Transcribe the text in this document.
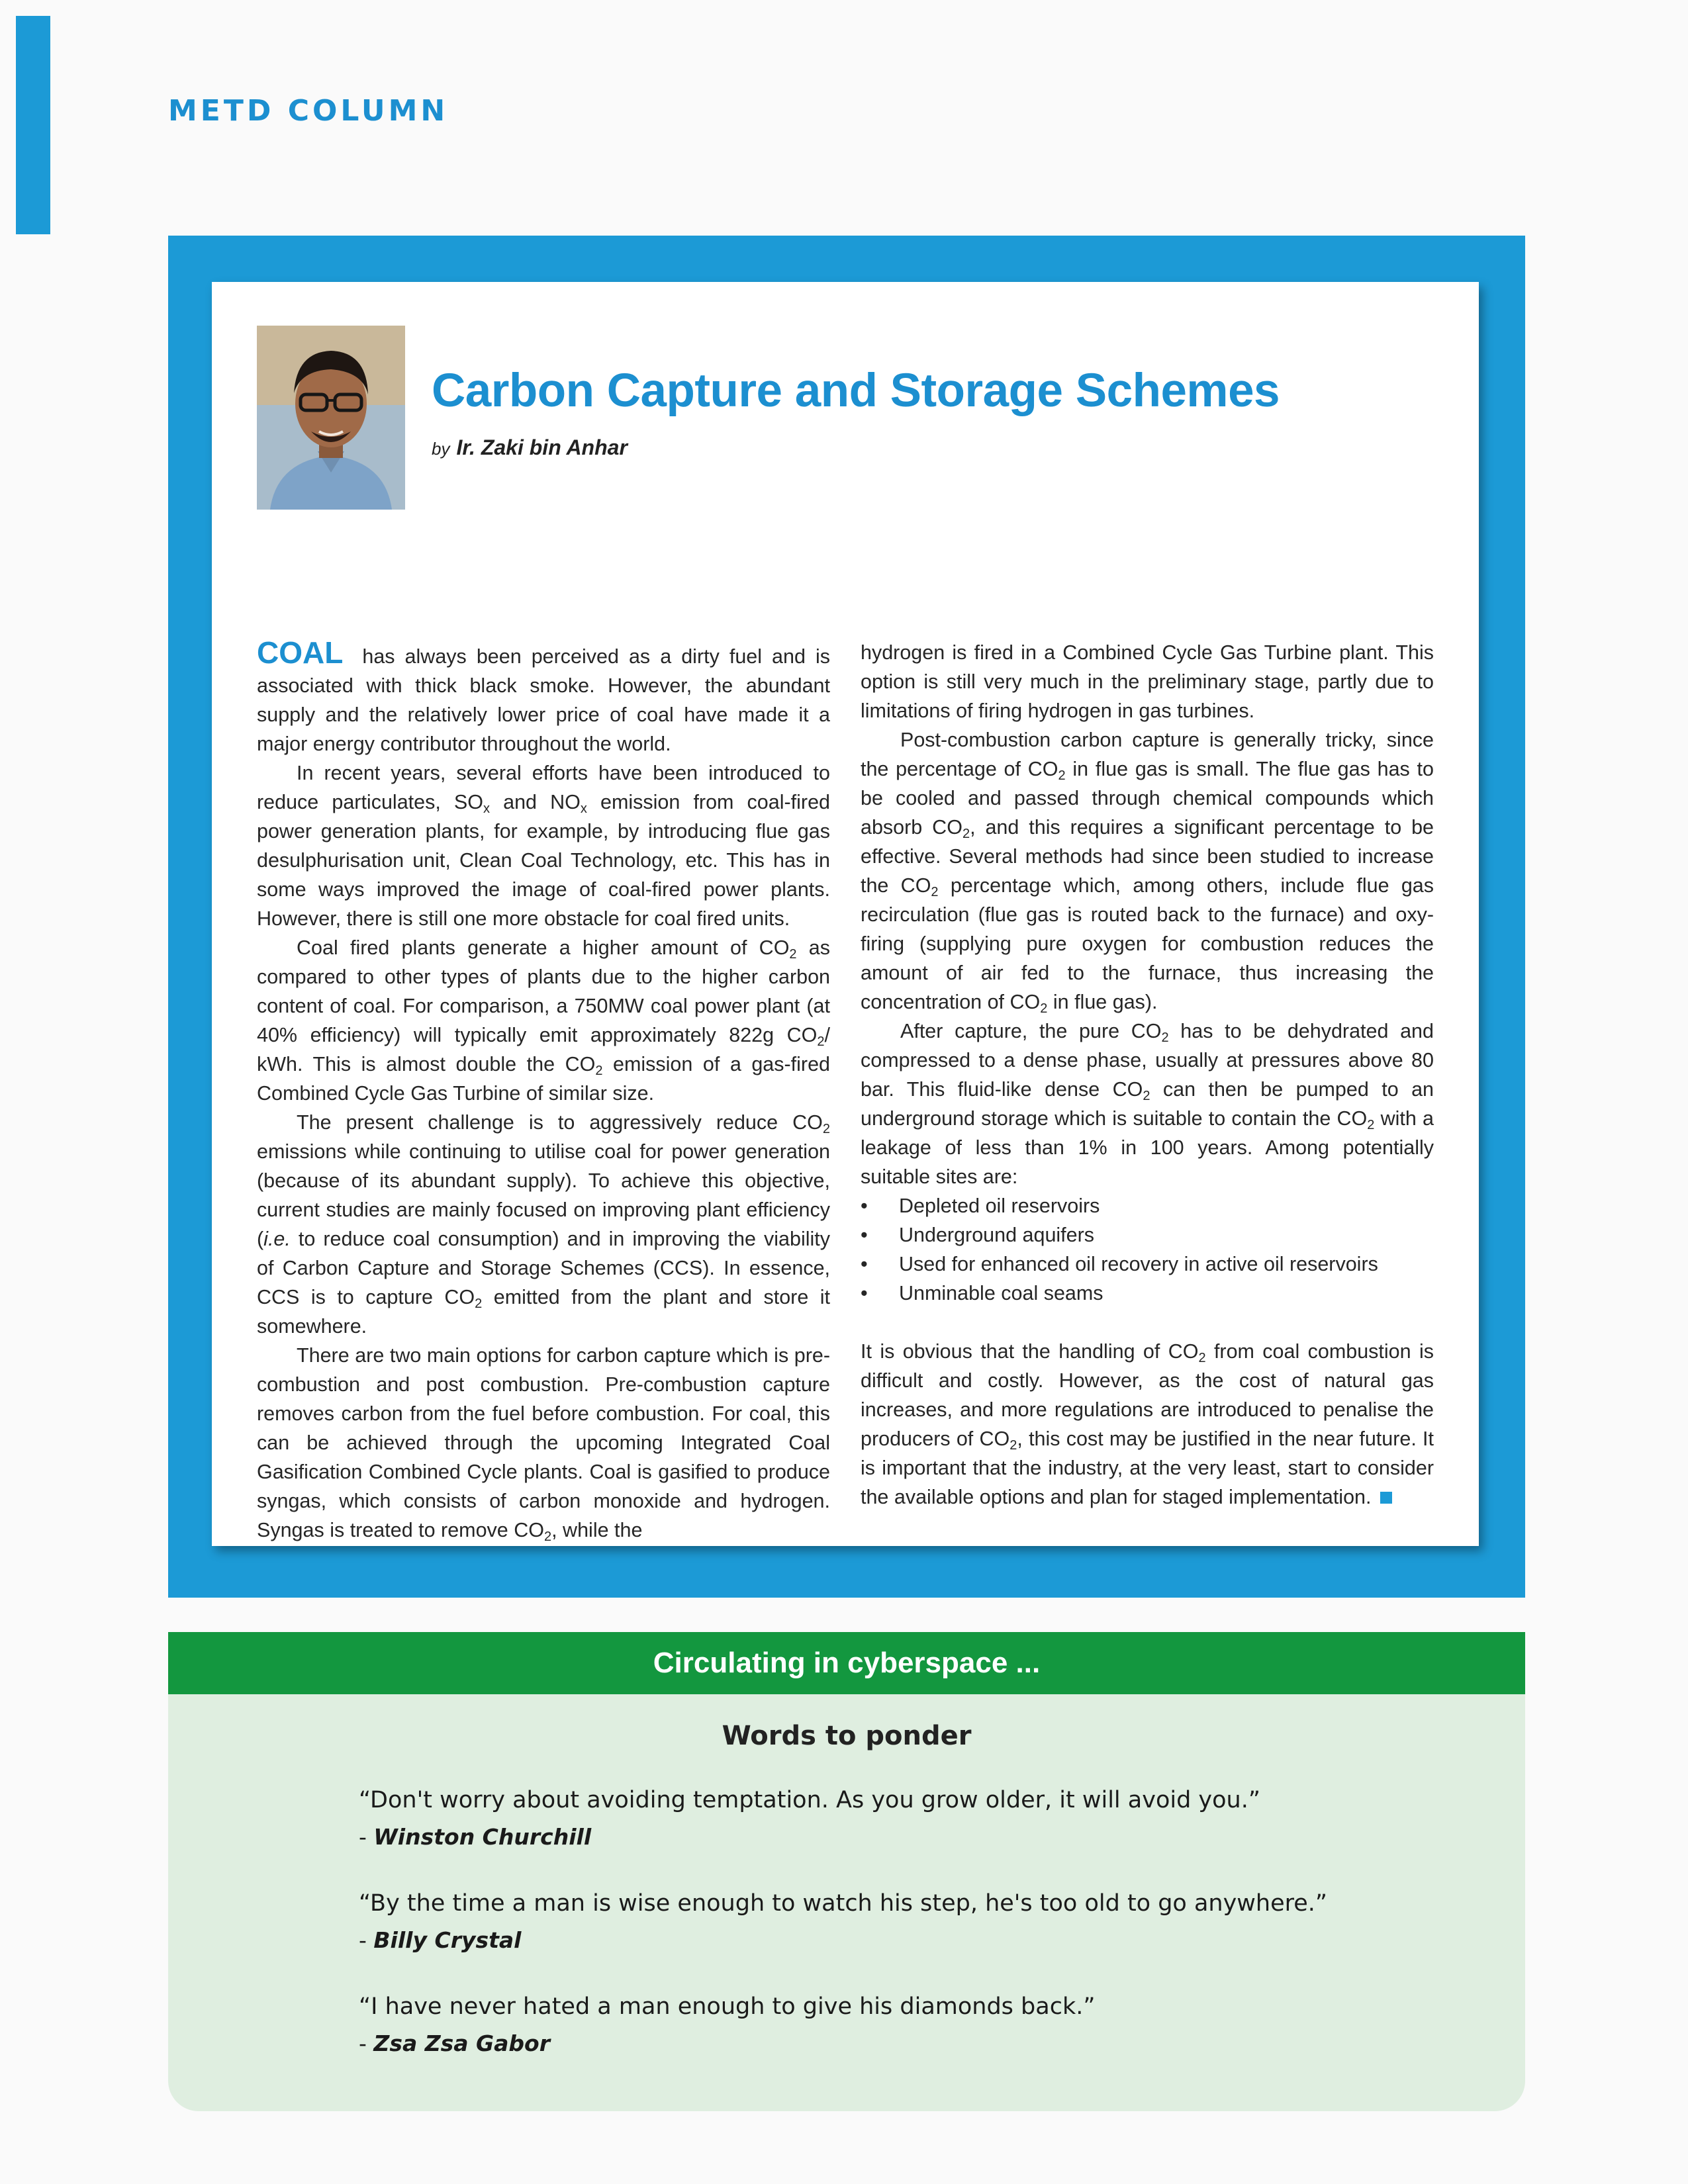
METD COLUMN
Carbon Capture and Storage Schemes
by Ir. Zaki bin Anhar

COAL has always been perceived as a dirty fuel and is associated with thick black smoke. However, the abundant supply and the relatively lower price of coal have made it a major energy contributor throughout the world.

In recent years, several efforts have been introduced to reduce particulates, $SO_x$ and $NO_x$ emission from coal-fired power generation plants, for example, by introducing flue gas desulphurisation unit, Clean Coal Technology, etc. This has in some ways improved the image of coal-fired power plants. However, there is still one more obstacle for coal fired units.

Coal fired plants generate a higher amount of $CO_2$ as compared to other types of plants due to the higher carbon content of coal. For comparison, a 750MW coal power plant (at 40% efficiency) will typically emit approximately 822g $CO_2/$ kWh. This is almost double the $CO_2$ emission of a gas-fired Combined Cycle Gas Turbine of similar size.

The present challenge is to aggressively reduce $CO_2$ emissions while continuing to utilise coal for power generation (because of its abundant supply). To achieve this objective, current studies are mainly focused on improving plant efficiency (i.e. to reduce coal consumption) and in improving the viability of Carbon Capture and Storage Schemes (CCS). In essence, CCS is to capture $CO_2$ emitted from the plant and store it somewhere.

There are two main options for carbon capture which is pre-combustion and post combustion. Pre-combustion capture removes carbon from the fuel before combustion. For coal, this can be achieved through the upcoming Integrated Coal Gasification Combined Cycle plants. Coal is gasified to produce syngas, which consists of carbon monoxide and hydrogen. Syngas is treated to remove $CO_2$, while the

hydrogen is fired in a Combined Cycle Gas Turbine plant. This option is still very much in the preliminary stage, partly due to limitations of firing hydrogen in gas turbines.

Post-combustion carbon capture is generally tricky, since the percentage of $CO_2$ in flue gas is small. The flue gas has to be cooled and passed through chemical compounds which absorb $CO_2$, and this requires a significant percentage to be effective. Several methods had since been studied to increase the $CO_2$ percentage which, among others, include flue gas recirculation (flue gas is routed back to the furnace) and oxy-firing (supplying pure oxygen for combustion reduces the amount of air fed to the furnace, thus increasing the concentration of $CO_2$ in flue gas).

After capture, the pure $CO_2$ has to be dehydrated and compressed to a dense phase, usually at pressures above 80 bar. This fluid-like dense $CO_2$ can then be pumped to an underground storage which is suitable to contain the $CO_2$ with a leakage of less than 1% in 100 years. Among potentially suitable sites are:

• Depleted oil reservoirs
• Underground aquifers
• Used for enhanced oil recovery in active oil reservoirs
• Unminable coal seams

It is obvious that the handling of $CO_2$ from coal combustion is difficult and costly. However, as the cost of natural gas increases, and more regulations are introduced to penalise the producers of $CO_2$, this cost may be justified in the near future. It is important that the industry, at the very least, start to consider the available options and plan for staged implementation.

Circulating in cyberspace ...
Words to ponder
“Don't worry about avoiding temptation. As you grow older, it will avoid you.”
- Winston Churchill
“By the time a man is wise enough to watch his step, he's too old to go anywhere.”
- Billy Crystal
“I have never hated a man enough to give his diamonds back.”
- Zsa Zsa Gabor
